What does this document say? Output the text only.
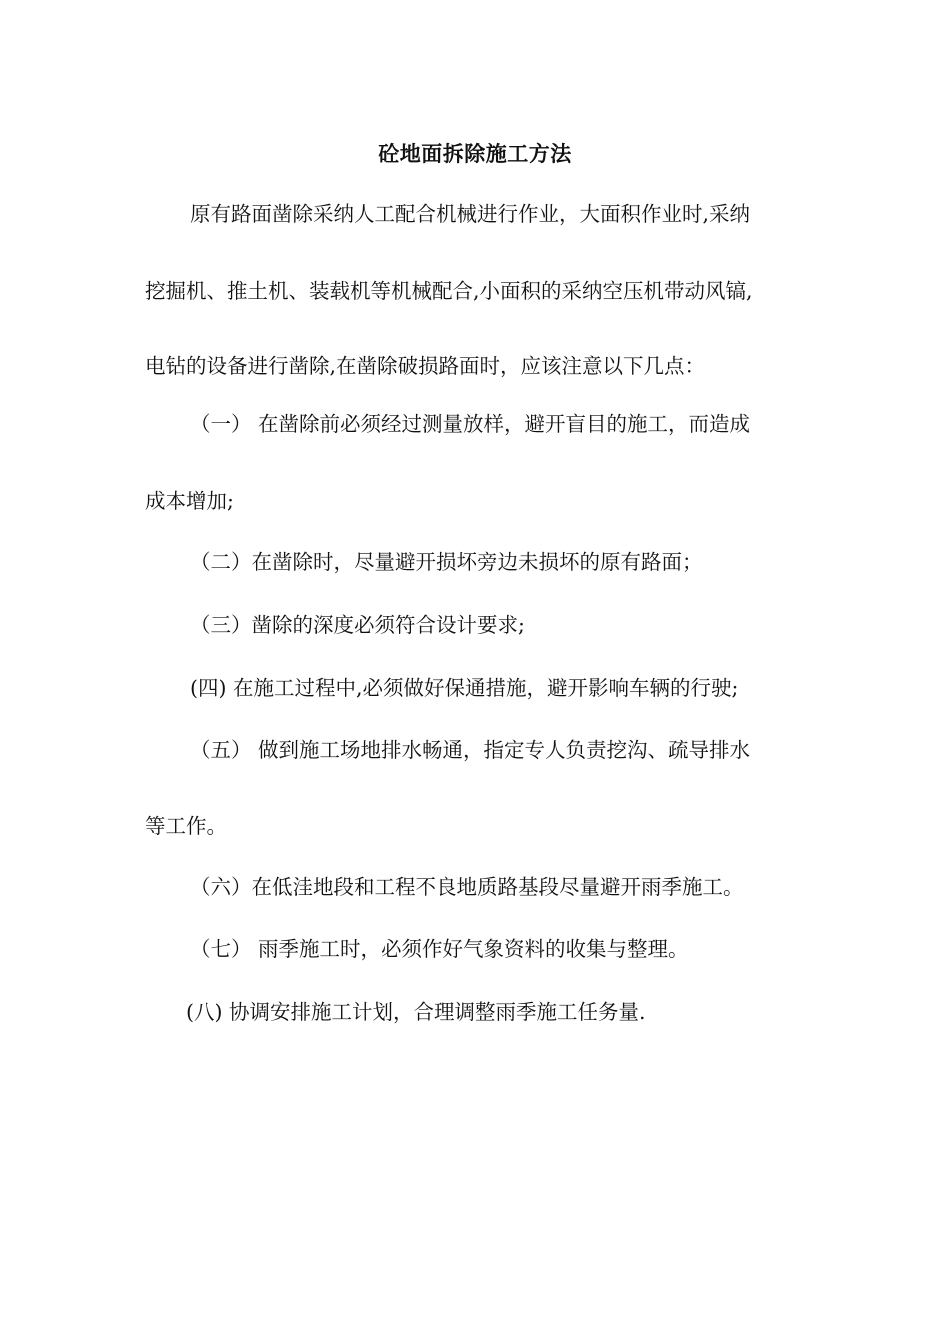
砼地面拆除施工方法
原有路面凿除采纳人工配合机械进行作业，大面积作业时,采纳
挖掘机、推土机、装载机等机械配合,小面积的采纳空压机带动风镐,
电钻的设备进行凿除,在凿除破损路面时，应该注意以下几点：
（一） 在凿除前必须经过测量放样，避开盲目的施工，而造成
成本增加;
（二）在凿除时，尽量避开损坏旁边未损坏的原有路面；
（三）凿除的深度必须符合设计要求;
(四) 在施工过程中,必须做好保通措施，避开影响车辆的行驶;
（五） 做到施工场地排水畅通，指定专人负责挖沟、疏导排水
等工作。
（六）在低洼地段和工程不良地质路基段尽量避开雨季施工。
（七） 雨季施工时，必须作好气象资料的收集与整理。
(八) 协调安排施工计划，合理调整雨季施工任务量.
